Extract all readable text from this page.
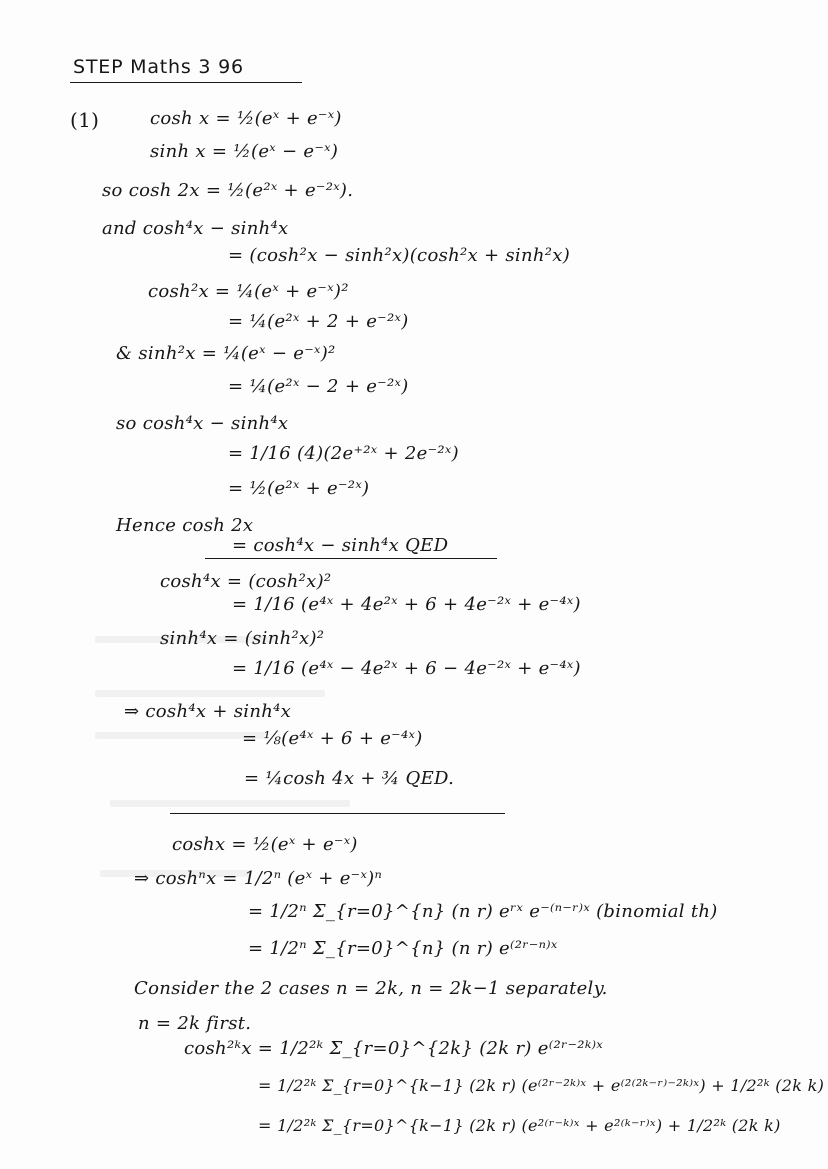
STEP Maths 3 96
(1)	cosh x = ½(eˣ + e⁻ˣ)
sinh x = ½(eˣ − e⁻ˣ)
so cosh 2x = ½(e²ˣ + e⁻²ˣ).
and cosh⁴x − sinh⁴x
= (cosh²x − sinh²x)(cosh²x + sinh²x)
cosh²x = ¼(eˣ + e⁻ˣ)²
= ¼(e²ˣ + 2 + e⁻²ˣ)
& sinh²x = ¼(eˣ − e⁻ˣ)²
= ¼(e²ˣ − 2 + e⁻²ˣ)
so cosh⁴x − sinh⁴x
= 1/16 (4)(2e⁺²ˣ + 2e⁻²ˣ)
= ½(e²ˣ + e⁻²ˣ)
Hence cosh 2x
= cosh⁴x − sinh⁴x QED
cosh⁴x = (cosh²x)²
= 1/16 (e⁴ˣ + 4e²ˣ + 6 + 4e⁻²ˣ + e⁻⁴ˣ)
sinh⁴x = (sinh²x)²
= 1/16 (e⁴ˣ − 4e²ˣ + 6 − 4e⁻²ˣ + e⁻⁴ˣ)
⇒ cosh⁴x + sinh⁴x
= ⅛(e⁴ˣ + 6 + e⁻⁴ˣ)
= ¼cosh 4x + ¾ QED.
coshx = ½(eˣ + e⁻ˣ)
⇒ coshⁿx = 1/2ⁿ (eˣ + e⁻ˣ)ⁿ
= 1/2ⁿ Σ_{r=0}^{n} (n r) eʳˣ e⁻⁽ⁿ⁻ʳ⁾ˣ (binomial th)
= 1/2ⁿ Σ_{r=0}^{n} (n r) e⁽²ʳ⁻ⁿ⁾ˣ
Consider the 2 cases n = 2k, n = 2k−1 separately.
n = 2k first.
cosh²ᵏx = 1/2²ᵏ Σ_{r=0}^{2k} (2k r) e⁽²ʳ⁻²ᵏ⁾ˣ
= 1/2²ᵏ Σ_{r=0}^{k−1} (2k r) (e⁽²ʳ⁻²ᵏ⁾ˣ + e⁽²⁽²ᵏ⁻ʳ⁾⁻²ᵏ⁾ˣ) + 1/2²ᵏ (2k k)
= 1/2²ᵏ Σ_{r=0}^{k−1} (2k r) (e²⁽ʳ⁻ᵏ⁾ˣ + e²⁽ᵏ⁻ʳ⁾ˣ) + 1/2²ᵏ (2k k)
